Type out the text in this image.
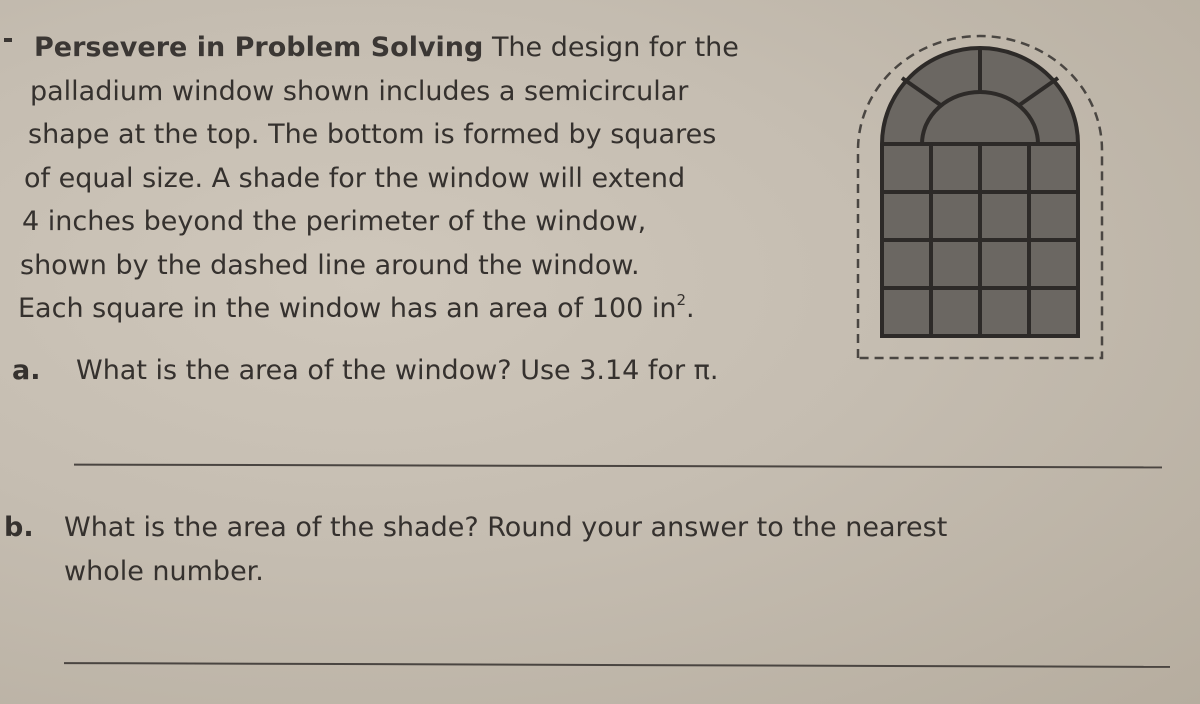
Persevere in Problem Solving The design for the
palladium window shown includes a semicircular
shape at the top. The bottom is formed by squares
of equal size. A shade for the window will extend
4 inches beyond the perimeter of the window,
shown by the dashed line around the window.
Each square in the window has an area of 100 $in^2$.
a. What is the area of the window? Use 3.14 for π.
b. What is the area of the shade? Round your answer to the nearest
whole number.
